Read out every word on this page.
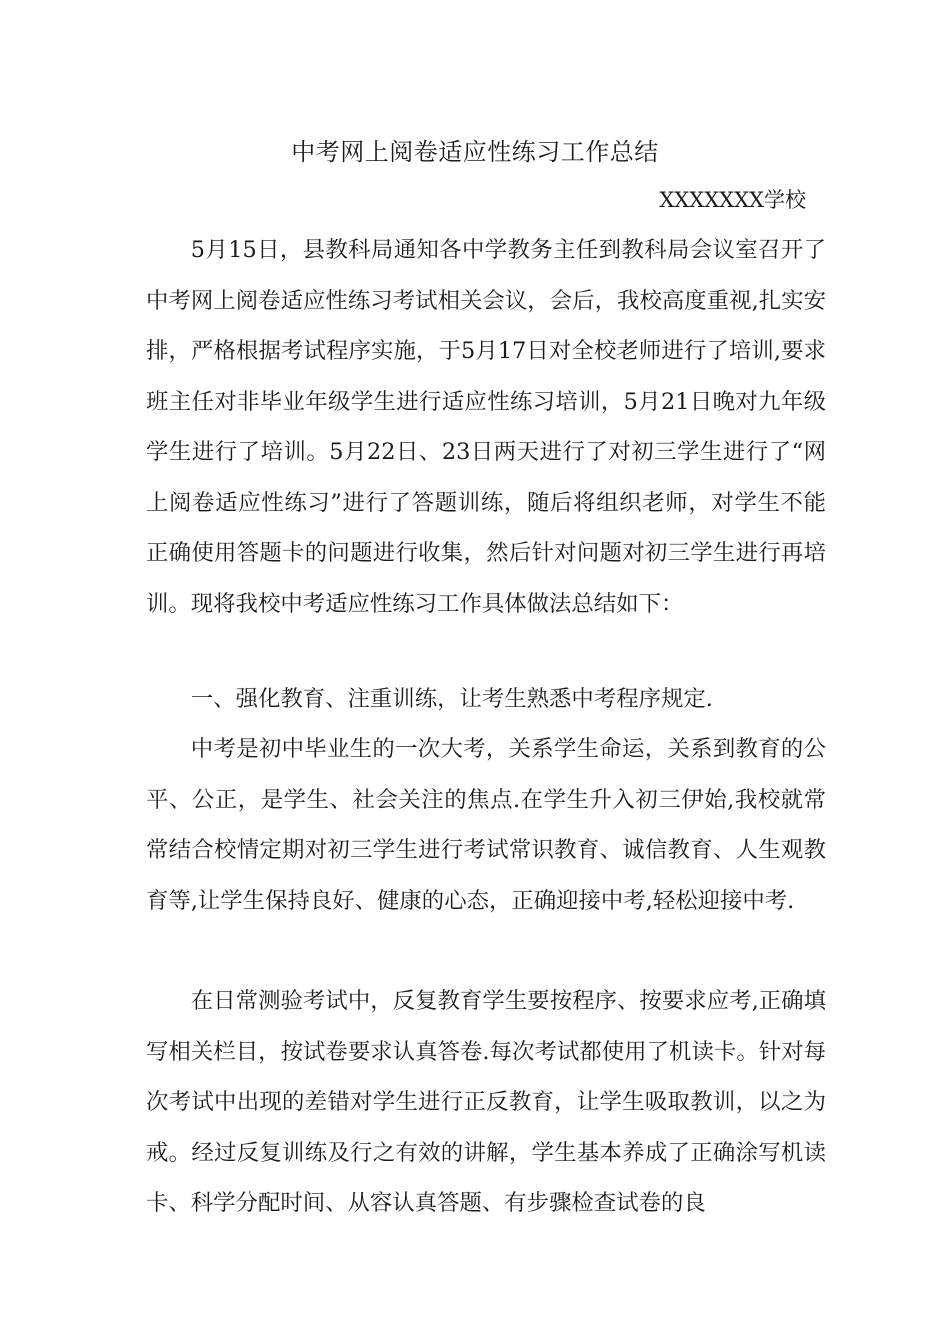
中考网上阅卷适应性练习工作总结
XXXXXXX学校

5月15日，县教科局通知各中学教务主任到教科局会议室召开了中考网上阅卷适应性练习考试相关会议，会后，我校高度重视,扎实安排，严格根据考试程序实施，于5月17日对全校老师进行了培训,要求班主任对非毕业年级学生进行适应性练习培训，5月21日晚对九年级学生进行了培训。5月22日、23日两天进行了对初三学生进行了“网上阅卷适应性练习”进行了答题训练，随后将组织老师，对学生不能正确使用答题卡的问题进行收集，然后针对问题对初三学生进行再培训。现将我校中考适应性练习工作具体做法总结如下：

一、强化教育、注重训练，让考生熟悉中考程序规定.

中考是初中毕业生的一次大考，关系学生命运，关系到教育的公平、公正，是学生、社会关注的焦点.在学生升入初三伊始,我校就常常结合校情定期对初三学生进行考试常识教育、诚信教育、人生观教育等,让学生保持良好、健康的心态，正确迎接中考,轻松迎接中考.

在日常测验考试中，反复教育学生要按程序、按要求应考,正确填写相关栏目，按试卷要求认真答卷.每次考试都使用了机读卡。针对每次考试中出现的差错对学生进行正反教育，让学生吸取教训，以之为戒。经过反复训练及行之有效的讲解，学生基本养成了正确涂写机读卡、科学分配时间、从容认真答题、有步骤检查试卷的良
